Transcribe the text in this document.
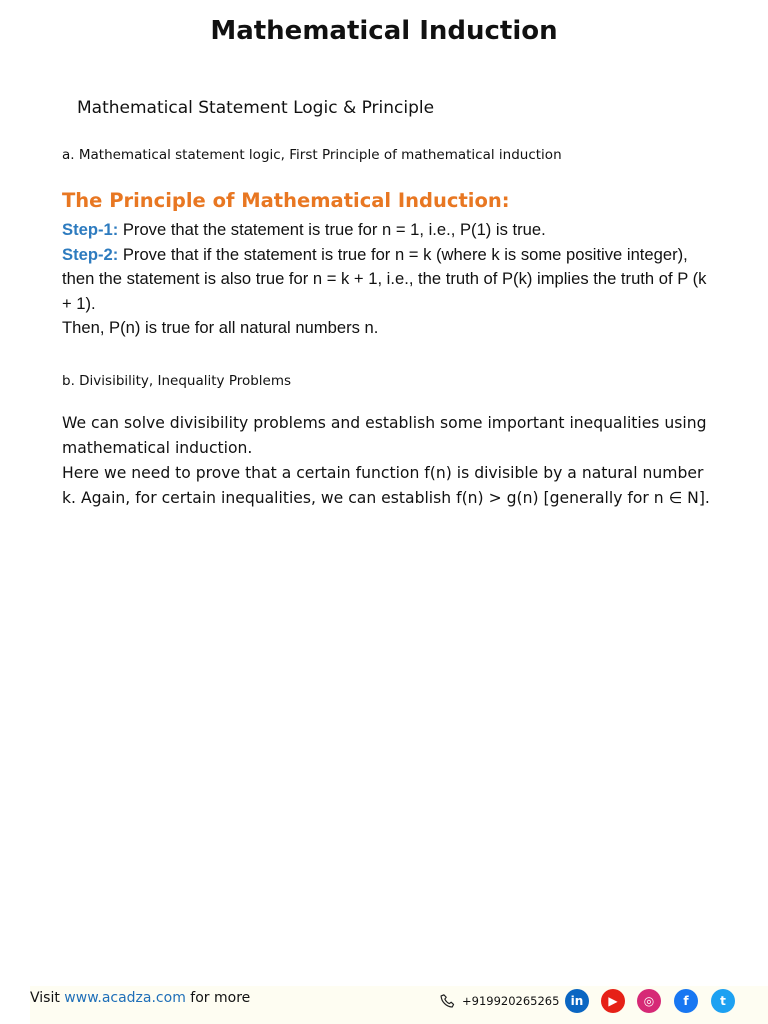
Mathematical Induction
Mathematical Statement Logic & Principle
a. Mathematical statement logic, First Principle of mathematical induction
The Principle of Mathematical Induction:

Step-1: Prove that the statement is true for n = 1, i.e., P(1) is true.

Step-2: Prove that if the statement is true for n = k (where k is some positive integer), then the statement is also true for n = k + 1, i.e., the truth of P(k) implies the truth of P (k + 1).

Then, P(n) is true for all natural numbers n.

b. Divisibility, Inequality Problems

We can solve divisibility problems and establish some important inequalities using mathematical induction.

Here we need to prove that a certain function f(n) is divisible by a natural number k. Again, for certain inequalities, we can establish f(n) > g(n) [generally for n ∈ N].

Visit www.acadza.com for more	+919920265265 in	▶	◎	f	t
